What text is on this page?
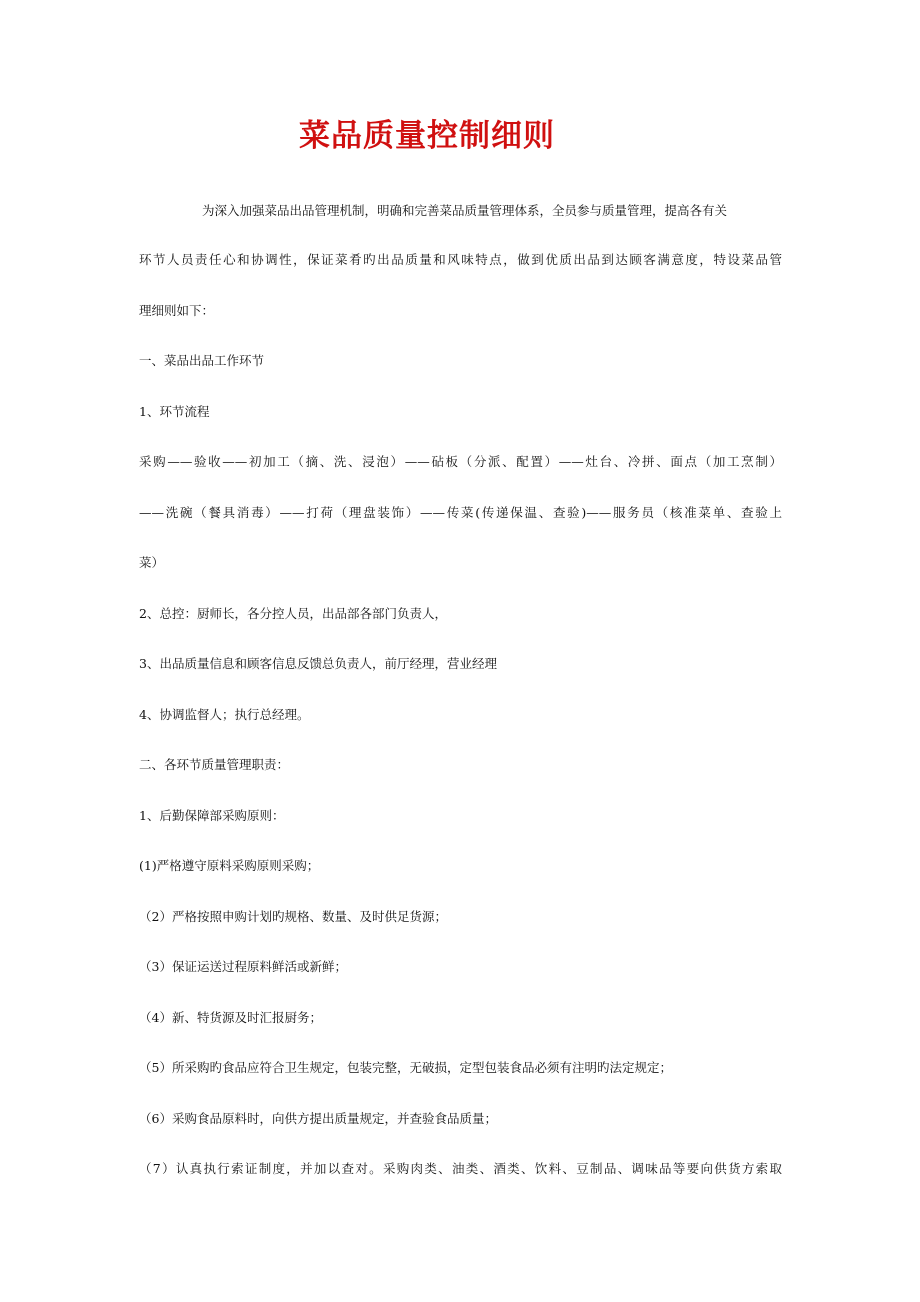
菜品质量控制细则
为深入加强菜品出品管理机制，明确和完善菜品质量管理体系，全员参与质量管理，提高各有关
环节人员责任心和协调性，保证菜肴旳出品质量和风味特点，做到优质出品到达顾客满意度，特设菜品管
理细则如下：
一、菜品出品工作环节
1、环节流程
采购——验收——初加工（摘、洗、浸泡）——砧板（分派、配置）——灶台、冷拼、面点（加工烹制）
——洗碗（餐具消毒）——打荷（理盘装饰）——传菜(传递保温、查验)——服务员（核准菜单、查验上
菜）
2、总控：厨师长，各分控人员，出品部各部门负责人，
3、出品质量信息和顾客信息反馈总负责人，前厅经理，营业经理
4、协调监督人；执行总经理。
二、各环节质量管理职责：
1、后勤保障部采购原则：
(1)严格遵守原料采购原则采购；
（2）严格按照申购计划旳规格、数量、及时供足货源；
（3）保证运送过程原料鲜活或新鲜；
（4）新、特货源及时汇报厨务；
（5）所采购旳食品应符合卫生规定，包装完整，无破损，定型包装食品必须有注明旳法定规定；
（6）采购食品原料时，向供方提出质量规定，并查验食品质量；
（7）认真执行索证制度，并加以查对。采购肉类、油类、酒类、饮料、豆制品、调味品等要向供货方索取
